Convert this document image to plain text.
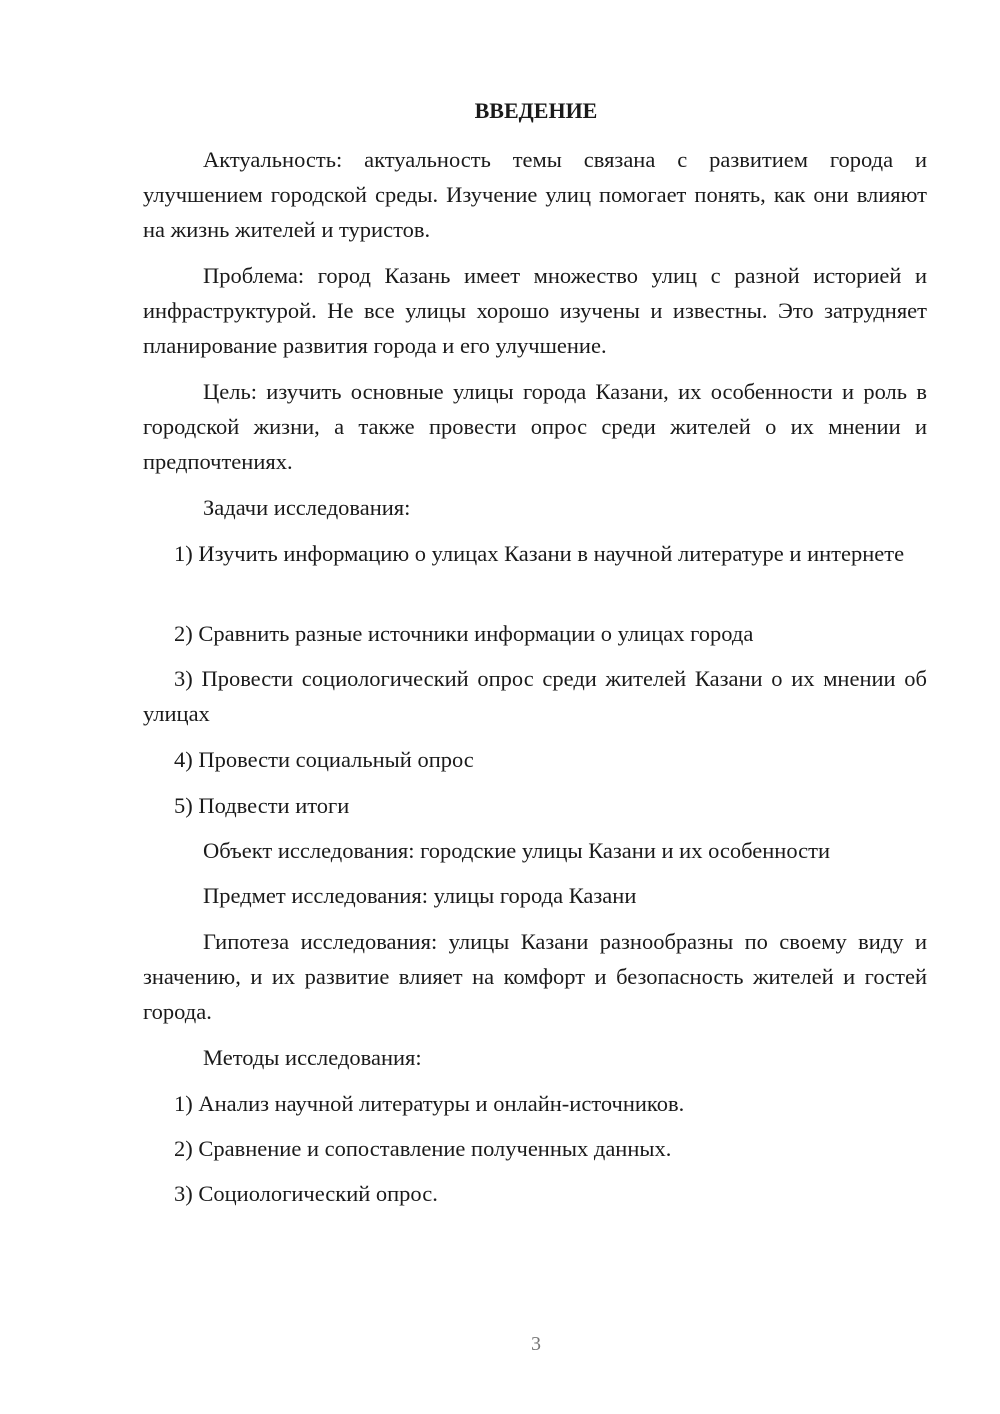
ВВЕДЕНИЕ

Актуальность: актуальность темы связана с развитием города и улучшением городской среды. Изучение улиц помогает понять, как они влияют на жизнь жителей и туристов.

Проблема: город Казань имеет множество улиц с разной историей и инфраструктурой. Не все улицы хорошо изучены и известны. Это затрудняет планирование развития города и его улучшение.

Цель: изучить основные улицы города Казани, их особенности и роль в городской жизни, а также провести опрос среди жителей о их мнении и предпочтениях.

Задачи исследования:

1) Изучить информацию о улицах Казани в научной литературе и интернете

2) Сравнить разные источники информации о улицах города

3) Провести социологический опрос среди жителей Казани о их мнении об улицах

4) Провести социальный опрос

5) Подвести итоги

Объект исследования: городские улицы Казани и их особенности

Предмет исследования: улицы города Казани

Гипотеза исследования: улицы Казани разнообразны по своему виду и значению, и их развитие влияет на комфорт и безопасность жителей и гостей города.

Методы исследования:

1) Анализ научной литературы и онлайн-источников.

2) Сравнение и сопоставление полученных данных.

3) Социологический опрос.

3
